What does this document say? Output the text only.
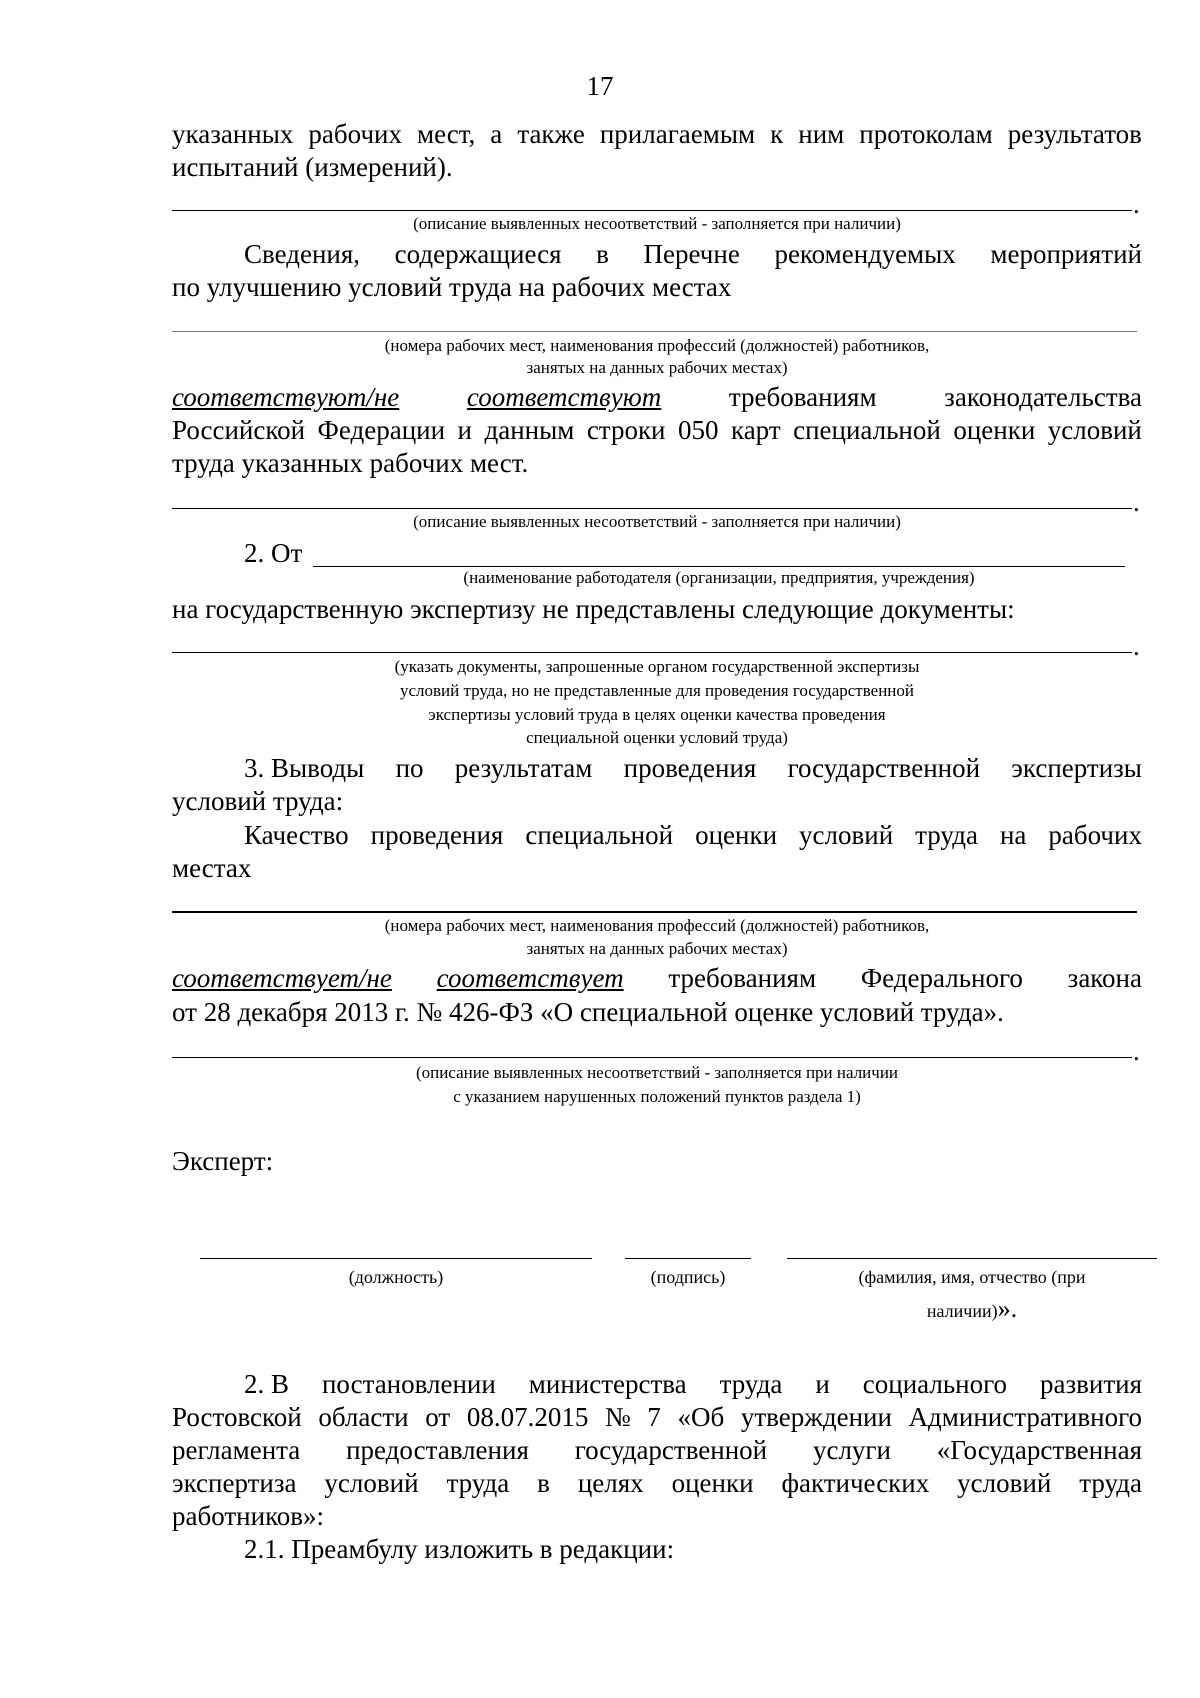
17
указанных рабочих мест, а также прилагаемым к ним протоколам результатов
испытаний (измерений).
.
(описание выявленных несоответствий - заполняется при наличии)
Сведения, содержащиеся в Перечне рекомендуемых мероприятий
по улучшению условий труда на рабочих местах
(номера рабочих мест, наименования профессий (должностей) работников,
занятых на данных рабочих местах)
соответствуют/не	соответствуют	требованиям	законодательства
Российской Федерации и данным строки 050 карт специальной оценки условий
труда указанных рабочих мест.
.
(описание выявленных несоответствий - заполняется при наличии)
2. От
(наименование работодателя (организации, предприятия, учреждения)
на государственную экспертизу не представлены следующие документы:
.
(указать документы, запрошенные органом государственной экспертизы
условий труда, но не представленные для проведения государственной
экспертизы условий труда в целях оценки качества проведения
специальной оценки условий труда)
3. Выводы по результатам проведения государственной экспертизы
условий труда:
Качество проведения специальной оценки условий труда на рабочих
местах
(номера рабочих мест, наименования профессий (должностей) работников,
занятых на данных рабочих местах)
соответствует/не соответствует требованиям Федерального закона
от 28 декабря 2013 г. № 426-ФЗ «О специальной оценке условий труда».
.
(описание выявленных несоответствий - заполняется при наличии
с указанием нарушенных положений пунктов раздела 1)
Эксперт:
(должность)	(подпись)	(фамилия, имя, отчество (при
наличии)».
2. В постановлении министерства труда и социального развития
Ростовской области от 08.07.2015 № 7 «Об утверждении Административного
регламента предоставления государственной услуги «Государственная
экспертиза условий труда в целях оценки фактических условий труда
работников»:
2.1. Преамбулу изложить в редакции:
